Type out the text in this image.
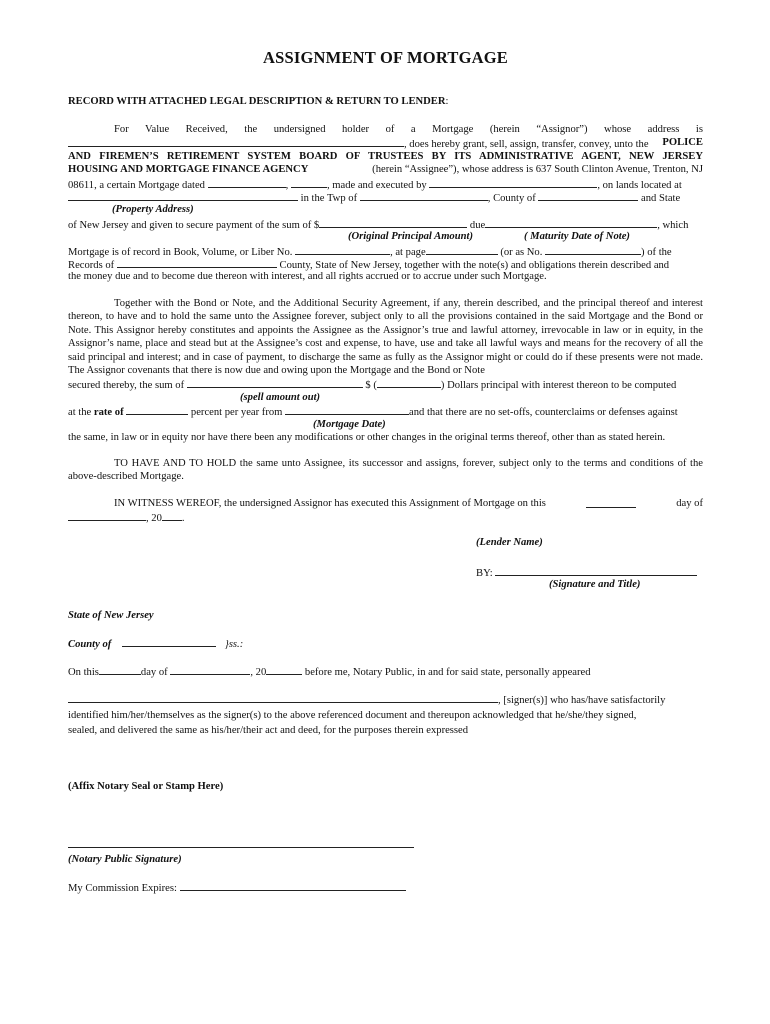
ASSIGNMENT OF MORTGAGE
RECORD WITH ATTACHED LEGAL DESCRIPTION & RETURN TO LENDER:

For Value Received, the undersigned holder of a Mortgage (herein “Assignor”) whose address is

, does hereby grant, sell, assign, transfer, convey, unto the POLICE

AND FIREMEN’S RETIREMENT SYSTEM BOARD OF TRUSTEES BY ITS ADMINISTRATIVE AGENT, NEW JERSEY

HOUSING AND MORTGAGE FINANCE AGENCY	(herein “Assignee”), whose address is 637 South Clinton Avenue, Trenton, NJ
08611, a certain Mortgage dated	,	, made and executed by	, on lands located at
in the Twp of	, County of	and State
(Property Address)
of New Jersey and given to secure payment of the sum of $	due	, which
(Original Principal Amount)	( Maturity Date of Note)
Mortgage is of record in Book, Volume, or Liber No.	, at page	(or as No.	) of the
Records of	County, State of New Jersey, together with the note(s) and obligations therein described and

the money due and to become due thereon with interest, and all rights accrued or to accrue under such Mortgage.

Together with the Bond or Note, and the Additional Security Agreement, if any, therein described, and the principal thereof and interest thereon, to have and to hold the same unto the Assignee forever, subject only to all the provisions contained in the said Mortgage and the Bond or Note. This Assignor hereby constitutes and appoints the Assignee as the Assignor’s true and lawful attorney, irrevocable in law or in equity, in the Assignor’s name, place and stead but at the Assignee’s cost and expense, to have, use and take all lawful ways and means for the recovery of all the said principal and interest; and in case of payment, to discharge the same as fully as the Assignor might or could do if these presents were not made. The Assignor covenants that there is now due and owing upon the Mortgage and the Bond or Note

secured thereby, the sum of	$ (	) Dollars principal with interest thereon to be computed
(spell amount out)
at the rate of	percent per year from	and that there are no set-offs, counterclaims or defenses against
(Mortgage Date)

the same, in law or in equity nor have there been any modifications or other changes in the original terms thereof, other than as stated herein.

TO HAVE AND TO HOLD the same unto Assignee, its successor and assigns, forever, subject only to the terms and conditions of the above-described Mortgage.

IN WITNESS WEREOF, the undersigned Assignor has executed this Assignment of Mortgage on this	day of
, 20 .
(Lender Name)
BY:
(Signature and Title)
State of New Jersey
County of	}ss.:
On this	day of	, 20	before me, Notary Public, in and for said state, personally appeared
, [signer(s)] who has/have satisfactorily

identified him/her/themselves as the signer(s) to the above referenced document and thereupon acknowledged that he/she/they signed,

sealed, and delivered the same as his/her/their act and deed, for the purposes therein expressed

(Affix Notary Seal or Stamp Here)
(Notary Public Signature)
My Commission Expires:
